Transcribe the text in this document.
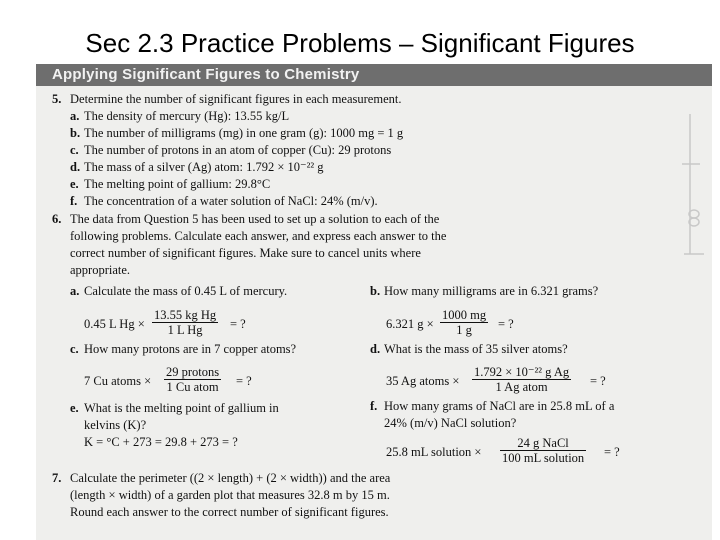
Sec 2.3 Practice Problems – Significant Figures
Applying Significant Figures to Chemistry
5. Determine the number of significant figures in each measurement.
a. The density of mercury (Hg): 13.55 kg/L
b. The number of milligrams (mg) in one gram (g): 1000 mg = 1 g
c. The number of protons in an atom of copper (Cu): 29 protons
d. The mass of a silver (Ag) atom: 1.792 × 10⁻²² g
e. The melting point of gallium: 29.8°C
f. The concentration of a water solution of NaCl: 24% (m/v).
6. The data from Question 5 has been used to set up a solution to each of the
following problems. Calculate each answer, and express each answer to the
correct number of significant figures. Make sure to cancel units where
appropriate.
a. Calculate the mass of 0.45 L of mercury.
0.45 L $Hg \times \frac{\text{13.55 kg Hg}}{\text{1 L Hg}}$ = ?
b. How many milligrams are in 6.321 grams?
6.321 $g \times \frac{1000 mg}{1 g}$ = ?
c. How many protons are in 7 copper atoms?
7 Cu atoms ×
29 protons
1 Cu atom = ?
d. What is the mass of 35 silver atoms?
35 Ag atoms ×
1.792 × 10⁻²² g Ag
1 Ag atom	= ?
e. What is the melting point of gallium in
kelvins (K)?
K = °C + 273 = 29.8 + 273 = ?
f. How many grams of NaCl are in 25.8 mL of a
24% (m/v) NaCl solution?
25.8 mL solution ×
24 g NaCl
100 mL solution = ?
7. Calculate the perimeter ((2 × length) + (2 × width)) and the area
(length × width) of a garden plot that measures 32.8 m by 15 m.
Round each answer to the correct number of significant figures.
